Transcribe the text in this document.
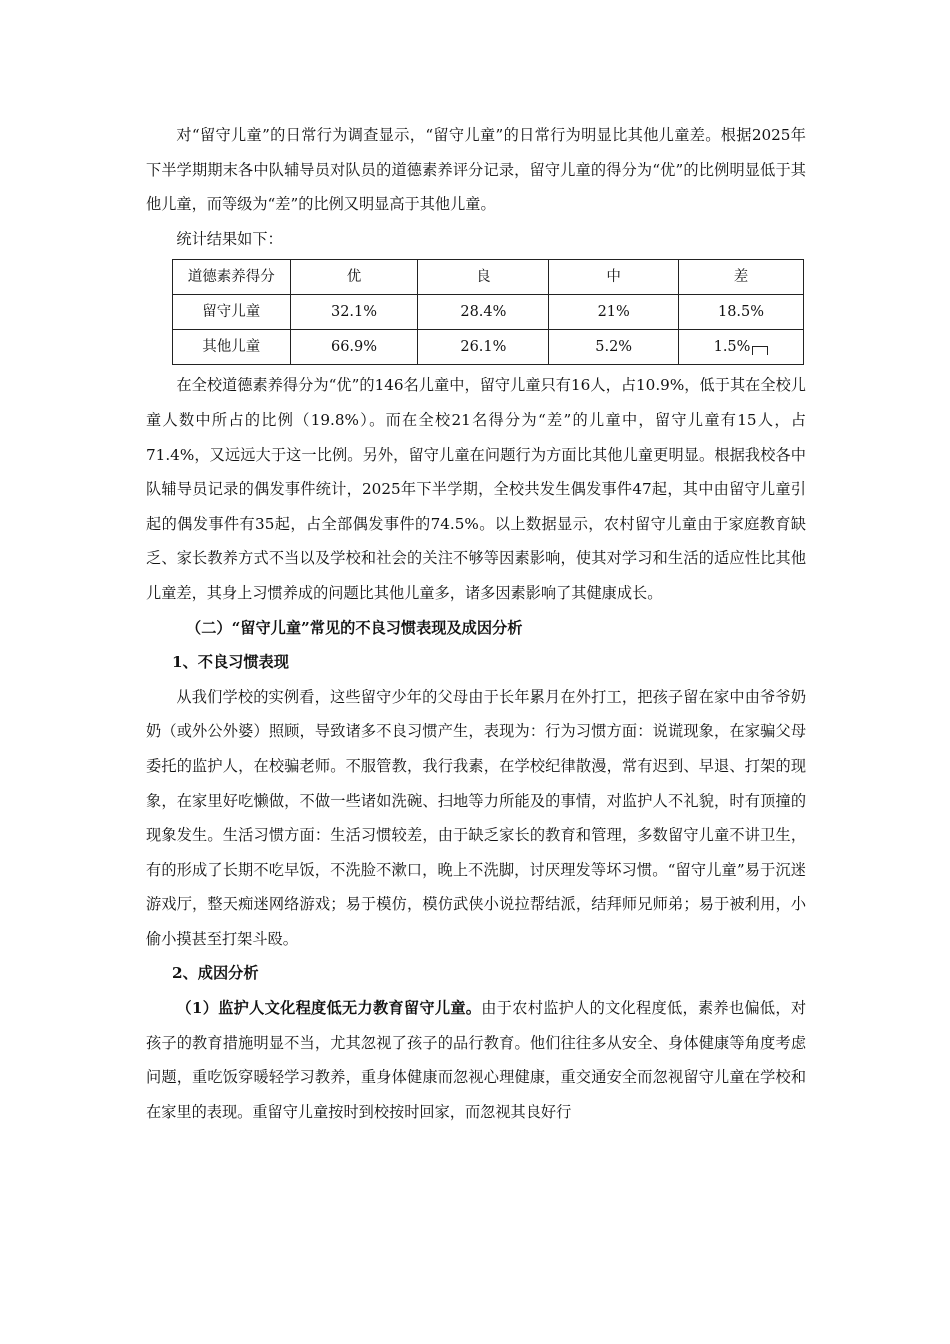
对“留守儿童”的日常行为调查显示，“留守儿童”的日常行为明显比其他儿童差。根据2025年下半学期期末各中队辅导员对队员的道德素养评分记录，留守儿童的得分为“优”的比例明显低于其他儿童，而等级为“差”的比例又明显高于其他儿童。

统计结果如下：

道德素养得分	优	良	中	差
留守儿童	32.1%	28.4%	21%	18.5%
其他儿童	66.9%	26.1%	5.2%	1.5%

在全校道德素养得分为“优”的146名儿童中，留守儿童只有16人，占10.9%，低于其在全校儿童人数中所占的比例（19.8%）。而在全校21名得分为“差”的儿童中，留守儿童有15人，占71.4%，又远远大于这一比例。另外，留守儿童在问题行为方面比其他儿童更明显。根据我校各中队辅导员记录的偶发事件统计，2025年下半学期，全校共发生偶发事件47起，其中由留守儿童引起的偶发事件有35起，占全部偶发事件的74.5%。以上数据显示，农村留守儿童由于家庭教育缺乏、家长教养方式不当以及学校和社会的关注不够等因素影响，使其对学习和生活的适应性比其他儿童差，其身上习惯养成的问题比其他儿童多，诸多因素影响了其健康成长。

（二）“留守儿童”常见的不良习惯表现及成因分析

1、不良习惯表现

从我们学校的实例看，这些留守少年的父母由于长年累月在外打工，把孩子留在家中由爷爷奶奶（或外公外婆）照顾，导致诸多不良习惯产生，表现为：行为习惯方面：说谎现象，在家骗父母委托的监护人，在校骗老师。不服管教，我行我素，在学校纪律散漫，常有迟到、早退、打架的现象，在家里好吃懒做，不做一些诸如洗碗、扫地等力所能及的事情，对监护人不礼貌，时有顶撞的现象发生。生活习惯方面：生活习惯较差，由于缺乏家长的教育和管理，多数留守儿童不讲卫生，有的形成了长期不吃早饭，不洗脸不漱口，晚上不洗脚，讨厌理发等坏习惯。“留守儿童”易于沉迷游戏厅，整天痴迷网络游戏；易于模仿，模仿武侠小说拉帮结派，结拜师兄师弟；易于被利用，小偷小摸甚至打架斗殴。

2、成因分析

（1）监护人文化程度低无力教育留守儿童。由于农村监护人的文化程度低，素养也偏低，对孩子的教育措施明显不当，尤其忽视了孩子的品行教育。他们往往多从安全、身体健康等角度考虑问题，重吃饭穿暖轻学习教养，重身体健康而忽视心理健康，重交通安全而忽视留守儿童在学校和在家里的表现。重留守儿童按时到校按时回家，而忽视其良好行
